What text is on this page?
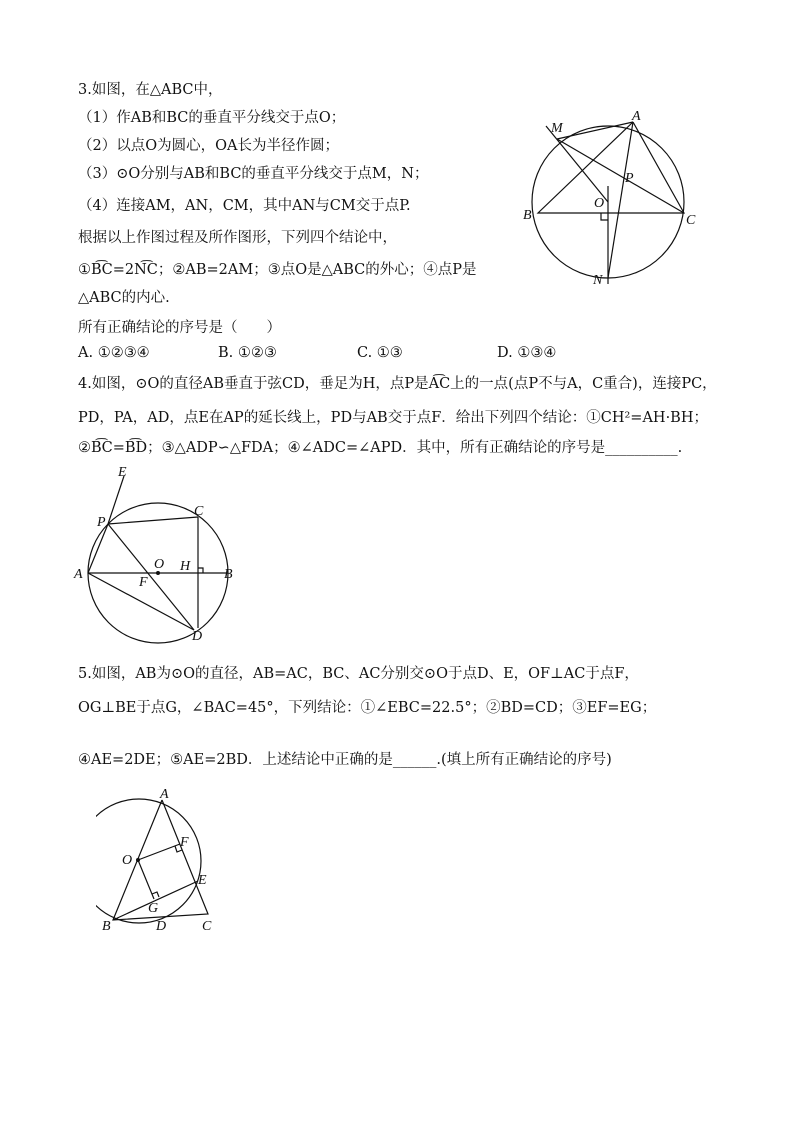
3.如图，在△ABC中，
（1）作AB和BC的垂直平分线交于点O；
（2）以点O为圆心，OA长为半径作圆；
（3）⊙O分别与AB和BC的垂直平分线交于点M，N；
（4）连接AM，AN，CM，其中AN与CM交于点P.
根据以上作图过程及所作图形，下列四个结论中，
①B͡C=2N͡C；②AB=2AM；③点O是△ABC的外心；④点P是
△ABC的内心.
所有正确结论的序号是（　　）
A. ①②③④	B. ①②③	C. ①③	D. ①③④
M
A
P
O
B	C
N
4.如图，⊙O的直径AB垂直于弦CD，垂足为H，点P是A͡C上的一点(点P不与A，C重合)，连接PC，
PD，PA，AD，点E在AP的延长线上，PD与AB交于点F．给出下列四个结论：①CH²=AH·BH；
②B͡C=B͡D；③△ADP∽△FDA；④∠ADC=∠APD．其中，所有正确结论的序号是__________.
E
P
C
O H
A
F
B
D
5.如图，AB为⊙O的直径，AB=AC，BC、AC分别交⊙O于点D、E，OF⊥AC于点F，
OG⊥BE于点G，∠BAC=45°，下列结论：①∠EBC=22.5°；②BD=CD；③EF=EG；
④AE=2DE；⑤AE=2BD．上述结论中正确的是______.(填上所有正确结论的序号)
A
F
O
E
G
B	D	C
